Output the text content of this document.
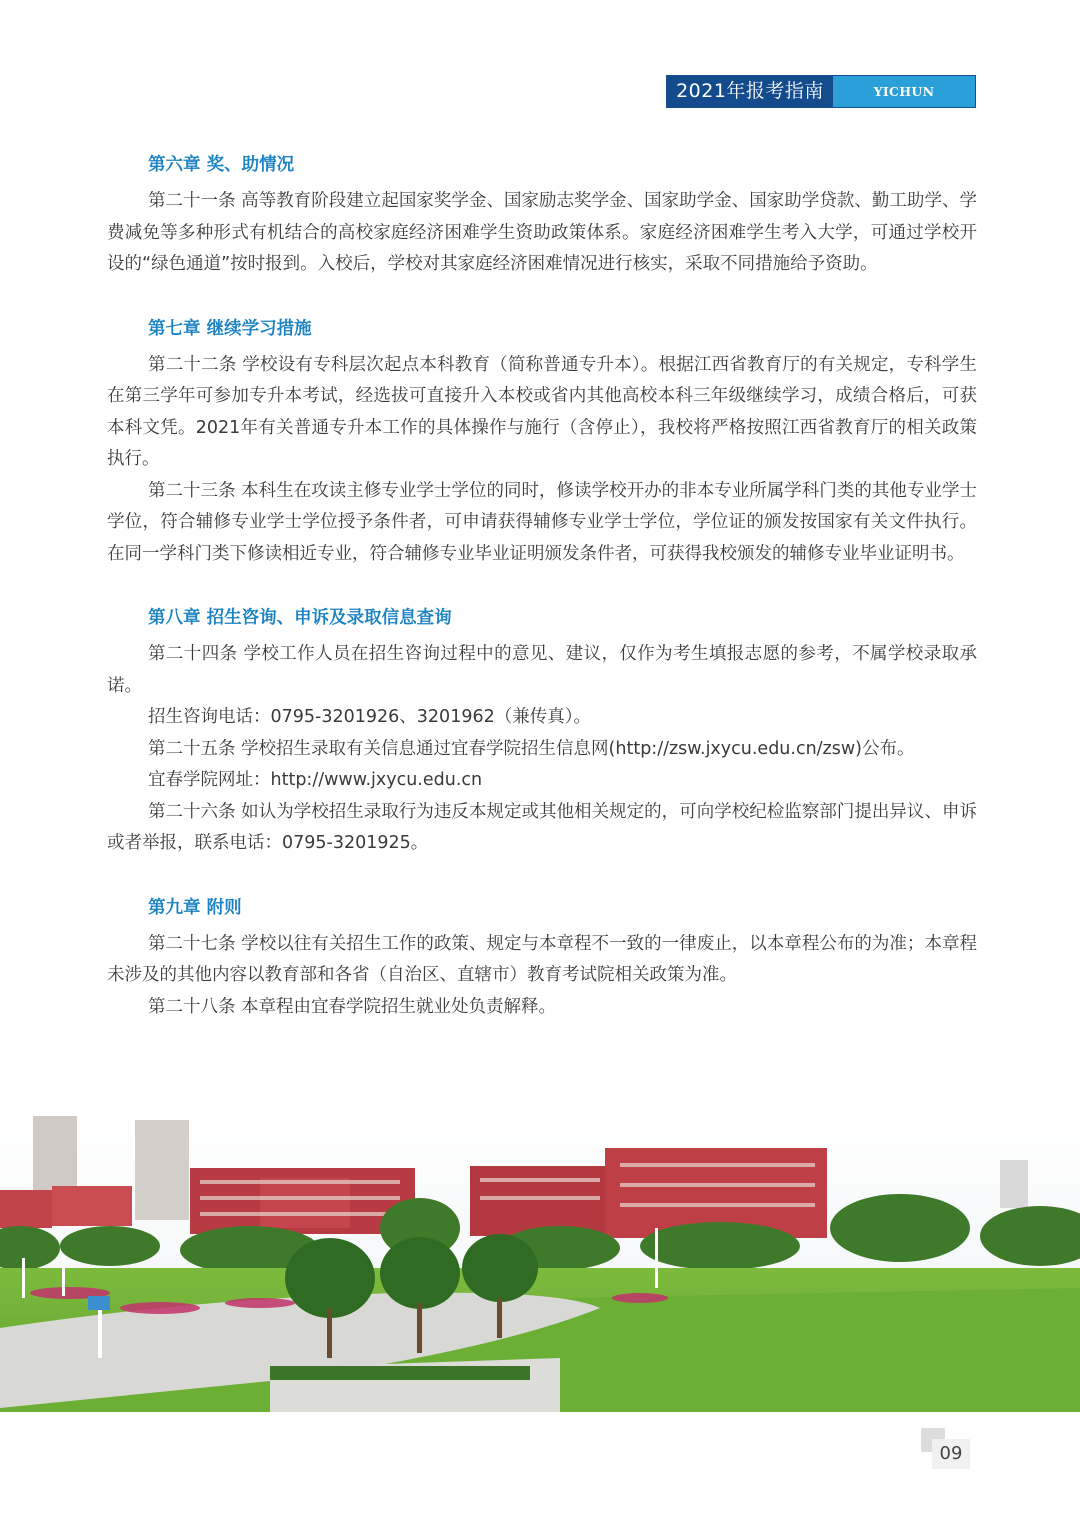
2021年报考指南	YICHUN UNIVERSITY
第六章 奖、助情况

第二十一条 高等教育阶段建立起国家奖学金、国家励志奖学金、国家助学金、国家助学贷款、勤工助学、学费减免等多种形式有机结合的高校家庭经济困难学生资助政策体系。家庭经济困难学生考入大学，可通过学校开设的“绿色通道”按时报到。入校后，学校对其家庭经济困难情况进行核实，采取不同措施给予资助。

第七章 继续学习措施

第二十二条 学校设有专科层次起点本科教育（简称普通专升本）。根据江西省教育厅的有关规定，专科学生在第三学年可参加专升本考试，经选拔可直接升入本校或省内其他高校本科三年级继续学习，成绩合格后，可获本科文凭。2021年有关普通专升本工作的具体操作与施行（含停止），我校将严格按照江西省教育厅的相关政策执行。

第二十三条 本科生在攻读主修专业学士学位的同时，修读学校开办的非本专业所属学科门类的其他专业学士学位，符合辅修专业学士学位授予条件者，可申请获得辅修专业学士学位，学位证的颁发按国家有关文件执行。在同一学科门类下修读相近专业，符合辅修专业毕业证明颁发条件者，可获得我校颁发的辅修专业毕业证明书。

第八章 招生咨询、申诉及录取信息查询

第二十四条 学校工作人员在招生咨询过程中的意见、建议，仅作为考生填报志愿的参考，不属学校录取承诺。

招生咨询电话：0795-3201926、3201962（兼传真）。

第二十五条 学校招生录取有关信息通过宜春学院招生信息网(http://zsw.jxycu.edu.cn/zsw)公布。

宜春学院网址：http://www.jxycu.edu.cn

第二十六条 如认为学校招生录取行为违反本规定或其他相关规定的，可向学校纪检监察部门提出异议、申诉或者举报，联系电话：0795-3201925。

第九章 附则

第二十七条 学校以往有关招生工作的政策、规定与本章程不一致的一律废止，以本章程公布的为准；本章程未涉及的其他内容以教育部和各省（自治区、直辖市）教育考试院相关政策为准。

第二十八条 本章程由宜春学院招生就业处负责解释。

09
